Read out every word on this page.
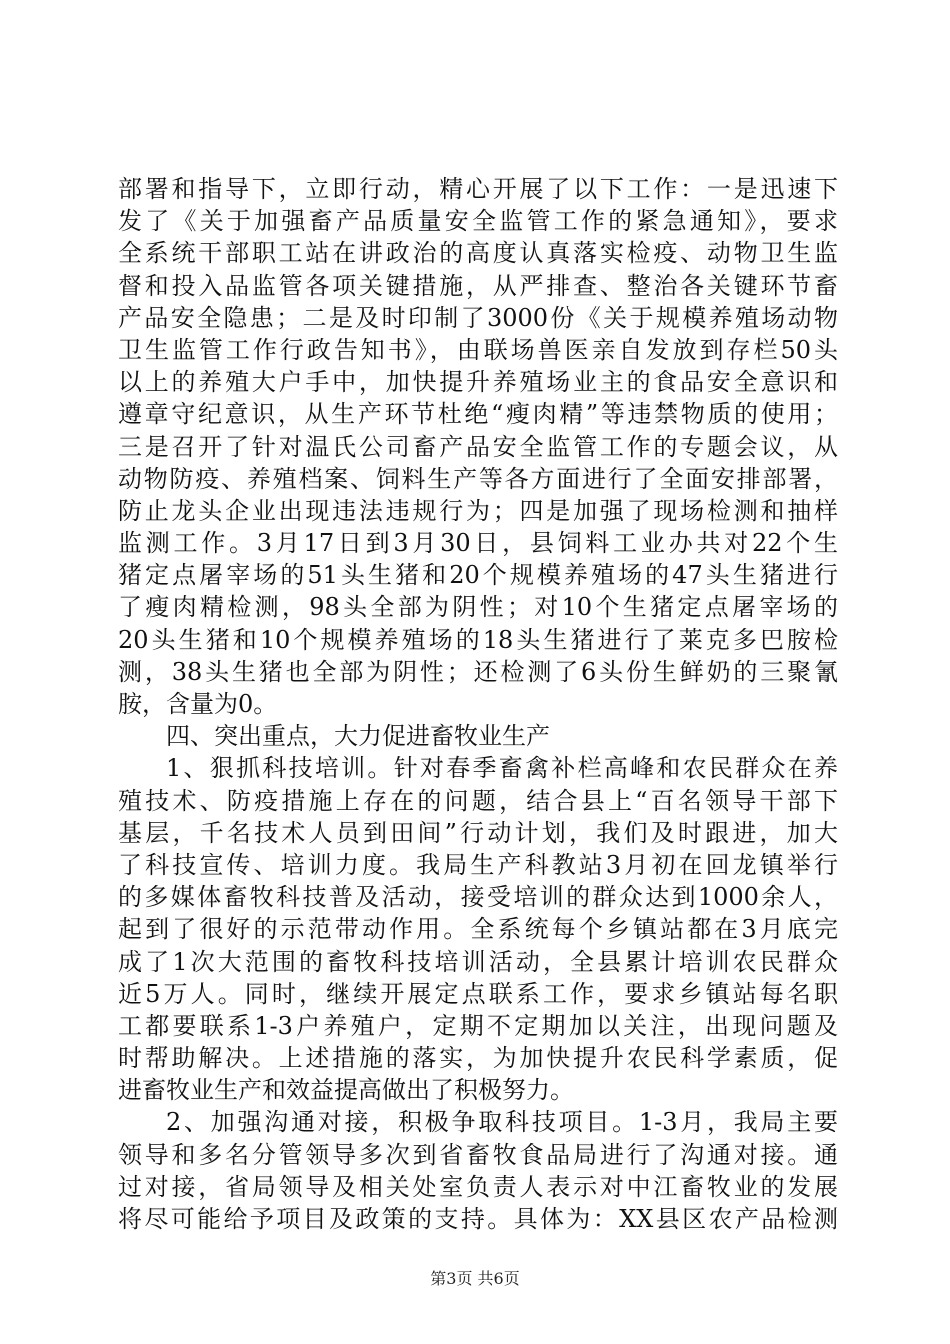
部署和指导下，立即行动，精心开展了以下工作：一是迅速下
发了《关于加强畜产品质量安全监管工作的紧急通知》，要求
全系统干部职工站在讲政治的高度认真落实检疫、动物卫生监
督和投入品监管各项关键措施，从严排查、整治各关键环节畜
产品安全隐患；二是及时印制了3000份《关于规模养殖场动物
卫生监管工作行政告知书》，由联场兽医亲自发放到存栏50头
以上的养殖大户手中，加快提升养殖场业主的食品安全意识和
遵章守纪意识，从生产环节杜绝“瘦肉精”等违禁物质的使用；
三是召开了针对温氏公司畜产品安全监管工作的专题会议，从
动物防疫、养殖档案、饲料生产等各方面进行了全面安排部署，
防止龙头企业出现违法违规行为；四是加强了现场检测和抽样
监测工作。3月17日到3月30日，县饲料工业办共对22个生
猪定点屠宰场的51头生猪和20个规模养殖场的47头生猪进行
了瘦肉精检测，98头全部为阴性；对10个生猪定点屠宰场的
20头生猪和10个规模养殖场的18头生猪进行了莱克多巴胺检
测，38头生猪也全部为阴性；还检测了6头份生鲜奶的三聚氰
胺，含量为0。
四、突出重点，大力促进畜牧业生产
1、狠抓科技培训。针对春季畜禽补栏高峰和农民群众在养
殖技术、防疫措施上存在的问题，结合县上“百名领导干部下
基层，千名技术人员到田间”行动计划，我们及时跟进，加大
了科技宣传、培训力度。我局生产科教站3月初在回龙镇举行
的多媒体畜牧科技普及活动，接受培训的群众达到1000余人，
起到了很好的示范带动作用。全系统每个乡镇站都在3月底完
成了1次大范围的畜牧科技培训活动，全县累计培训农民群众
近5万人。同时，继续开展定点联系工作，要求乡镇站每名职
工都要联系1-3户养殖户，定期不定期加以关注，出现问题及
时帮助解决。上述措施的落实，为加快提升农民科学素质，促
进畜牧业生产和效益提高做出了积极努力。
2、加强沟通对接，积极争取科技项目。1-3月，我局主要
领导和多名分管领导多次到省畜牧食品局进行了沟通对接。通
过对接，省局领导及相关处室负责人表示对中江畜牧业的发展
将尽可能给予项目及政策的支持。具体为：XX县区农产品检测
第3页 共6页
